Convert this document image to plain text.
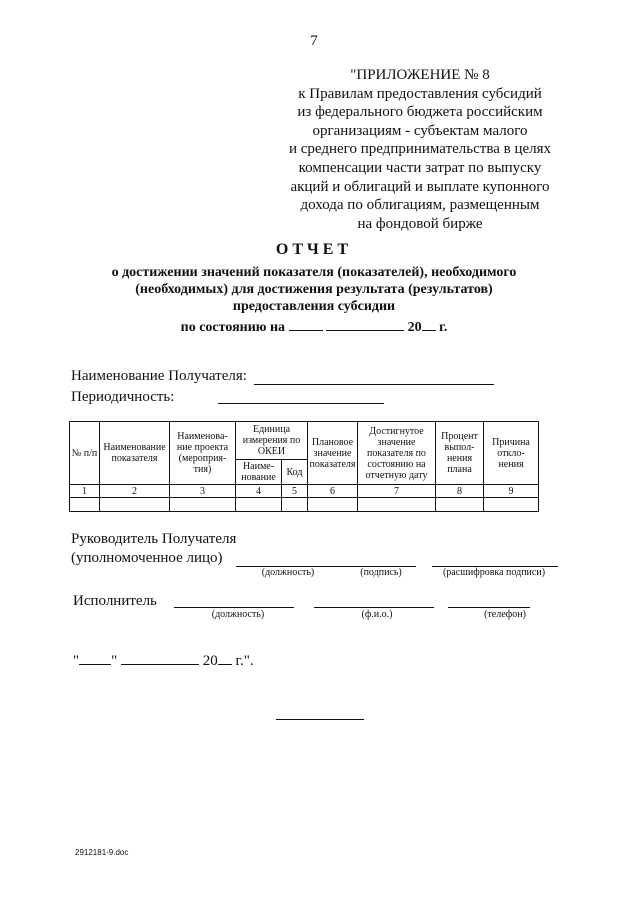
7
"ПРИЛОЖЕНИЕ № 8
к Правилам предоставления субсидий
из федерального бюджета российским
организациям - субъектам малого
и среднего предпринимательства в целях
компенсации части затрат по выпуску
акций и облигаций и выплате купонного
дохода по облигациям, размещенным
на фондовой бирже
ОТЧЕТ
о достижении значений показателя (показателей), необходимого
(необходимых) для достижения результата (результатов)
предоставления субсидии
по состоянию на	20 г.
Наименование Получателя:
Периодичность:
№ п/п	Наименование показателя	Наименова- ние проекта (мероприя- тия)	Единица измерения по ОКЕИ		Плановое значение показателя	Достигнутое значение показателя по состоянию на отчетную дату	Процент выпол- нения плана	Причина откло- нения
			Наиме- нование	Код				
1	2	3	4	5	6	7	8	9

Руководитель Получателя
(уполномоченное лицо)
(должность)	(подпись)	(расшифровка подписи)
Исполнитель
(должность)	(ф.и.о.)	(телефон)
" "	20 г.".
2912181-9.doc
